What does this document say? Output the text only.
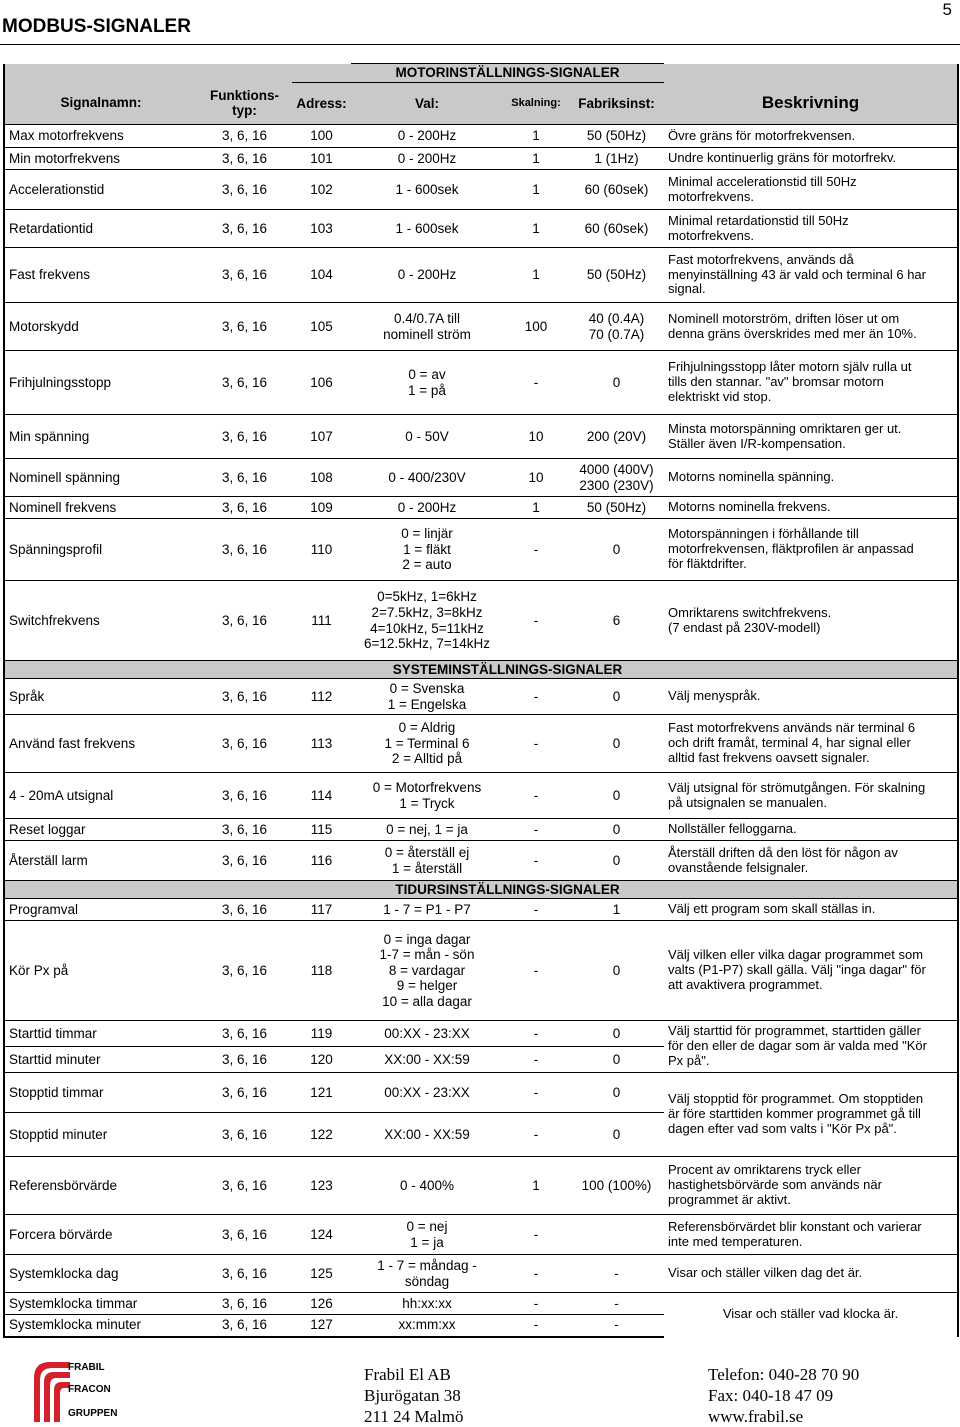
MODBUS-SIGNALER
5
			MOTORINSTÄLLNINGS-SIGNALER			
Signalnamn:	Funktions-
typ:	Adress:	Val:	Skalning:	Fabriksinst:	Beskrivning
Max motorfrekvens	3, 6, 16	100	0 - 200Hz	1	50 (50Hz)	Övre gräns för motorfrekvensen.
Min motorfrekvens	3, 6, 16	101	0 - 200Hz	1	1 (1Hz)	Undre kontinuerlig gräns för motorfrekv.
Accelerationstid	3, 6, 16	102	1 - 600sek	1	60 (60sek)	Minimal accelerationstid till 50Hz
motorfrekvens.
Retardationtid	3, 6, 16	103	1 - 600sek	1	60 (60sek)	Minimal retardationstid till 50Hz
motorfrekvens.
Fast frekvens	3, 6, 16	104	0 - 200Hz	1	50 (50Hz)	Fast motorfrekvens, används då
menyinställning 43 är vald och terminal 6 har
signal.
Motorskydd	3, 6, 16	105	0.4/0.7A till
nominell ström	100	40 (0.4A)
70 (0.7A)	Nominell motorström, driften löser ut om
denna gräns överskrides med mer än 10%.
Frihjulningsstopp	3, 6, 16	106	0 = av
1 = på	-	0	Frihjulningsstopp låter motorn själv rulla ut
tills den stannar. "av" bromsar motorn
elektriskt vid stop.
Min spänning	3, 6, 16	107	0 - 50V	10	200 (20V)	Minsta motorspänning omriktaren ger ut.
Ställer även I/R-kompensation.
Nominell spänning	3, 6, 16	108	0 - 400/230V	10	4000 (400V)
2300 (230V)	Motorns nominella spänning.
Nominell frekvens	3, 6, 16	109	0 - 200Hz	1	50 (50Hz)	Motorns nominella frekvens.
Spänningsprofil	3, 6, 16	110	0 = linjär
1 = fläkt
2 = auto	-	0	Motorspänningen i förhållande till
motorfrekvensen, fläktprofilen är anpassad
för fläktdrifter.
Switchfrekvens	3, 6, 16	111	0=5kHz, 1=6kHz
2=7.5kHz, 3=8kHz
4=10kHz, 5=11kHz
6=12.5kHz, 7=14kHz	-	6	Omriktarens switchfrekvens.
(7 endast på 230V-modell)
			SYSTEMINSTÄLLNINGS-SIGNALER			
Språk	3, 6, 16	112	0 = Svenska
1 = Engelska	-	0	Välj menyspråk.
Använd fast frekvens	3, 6, 16	113	0 = Aldrig
1 = Terminal 6
2 = Alltid på	-	0	Fast motorfrekvens används när terminal 6
och drift framåt, terminal 4, har signal eller
alltid fast frekvens oavsett signaler.
4 - 20mA utsignal	3, 6, 16	114	0 = Motorfrekvens
1 = Tryck	-	0	Välj utsignal för strömutgången. För skalning
på utsignalen se manualen.
Reset loggar	3, 6, 16	115	0 = nej, 1 = ja	-	0	Nollställer felloggarna.
Återställ larm	3, 6, 16	116	0 = återställ ej
1 = återställ	-	0	Återställ driften då den löst för någon av
ovanstående felsignaler.
			TIDURSINSTÄLLNINGS-SIGNALER			
Programval	3, 6, 16	117	1 - 7 = P1 - P7	-	1	Välj ett program som skall ställas in.
Kör Px på	3, 6, 16	118	0 = inga dagar
1-7 = mån - sön
8 = vardagar
9 = helger
10 = alla dagar	-	0	Välj vilken eller vilka dagar programmet som
valts (P1-P7) skall gälla. Välj "inga dagar" för
att avaktivera programmet.
Starttid timmar	3, 6, 16	119	00:XX - 23:XX	-	0	Välj starttid för programmet, starttiden gäller
för den eller de dagar som är valda med "Kör
Px på".
Starttid minuter	3, 6, 16	120	XX:00 - XX:59	-	0	
Stopptid timmar	3, 6, 16	121	00:XX - 23:XX	-	0	Välj stopptid för programmet. Om stopptiden
är före starttiden kommer programmet gå till
dagen efter vad som valts i "Kör Px på".
Stopptid minuter	3, 6, 16	122	XX:00 - XX:59	-	0	
Referensbörvärde	3, 6, 16	123	0 - 400%	1	100 (100%)	Procent av omriktarens tryck eller
hastighetsbörvärde som används när
programmet är aktivt.
Forcera börvärde	3, 6, 16	124	0 = nej
1 = ja	-		Referensbörvärdet blir konstant och varierar
inte med temperaturen.
Systemklocka dag	3, 6, 16	125	1 - 7 = måndag -
söndag	-	-	Visar och ställer vilken dag det är.
Systemklocka timmar	3, 6, 16	126	hh:xx:xx	-	-	Visar och ställer vad klocka är.
Systemklocka minuter	3, 6, 16	127	xx:mm:xx	-	-	
FRABIL
FRACON
GRUPPEN
Frabil El AB
Bjurögatan 38
211 24 Malmö
Telefon: 040-28 70 90
Fax: 040-18 47 09
www.frabil.se
